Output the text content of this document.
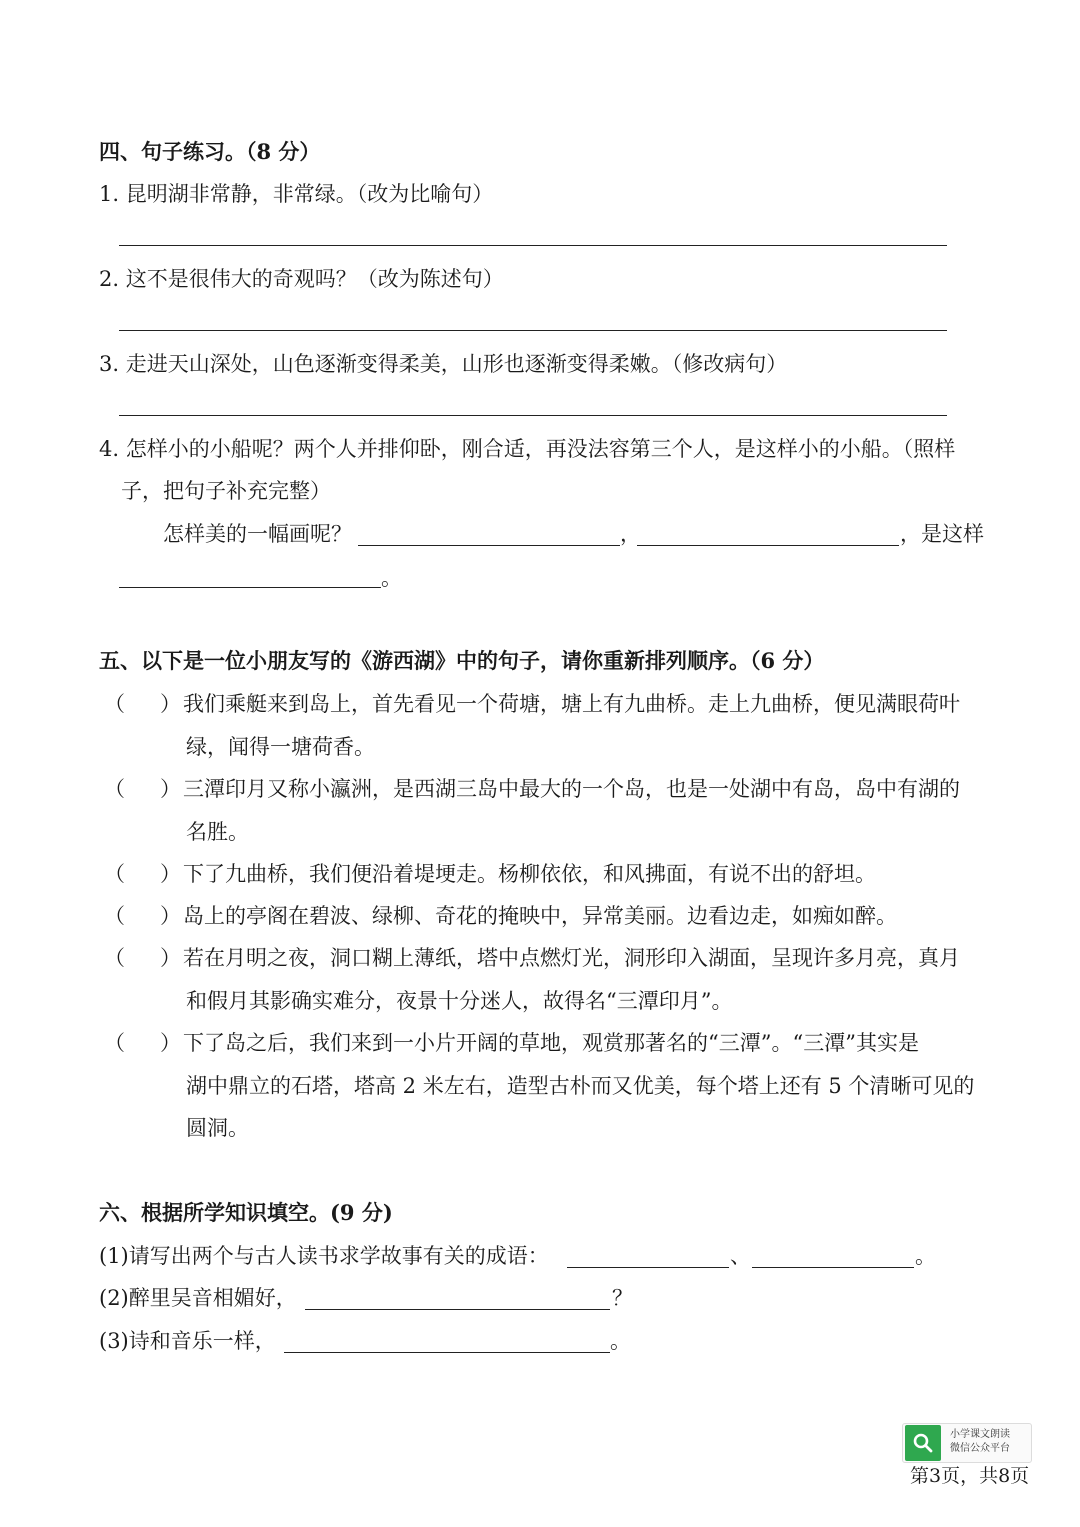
四、句子练习。（8 分）
1. 昆明湖非常静，非常绿。（改为比喻句）
2. 这不是很伟大的奇观吗？（改为陈述句）
3. 走进天山深处，山色逐渐变得柔美，山形也逐渐变得柔嫩。（修改病句）
4. 怎样小的小船呢？两个人并排仰卧，刚合适，再没法容第三个人，是这样小的小船。（照样
子，把句子补充完整）
怎样美的一幅画呢？	，	，是这样
。
五、以下是一位小朋友写的《游西湖》中的句子，请你重新排列顺序。（6 分）
（ ） 我们乘艇来到岛上，首先看见一个荷塘，塘上有九曲桥。走上九曲桥，便见满眼荷叶
绿，闻得一塘荷香。
（ ） 三潭印月又称小瀛洲，是西湖三岛中最大的一个岛，也是一处湖中有岛，岛中有湖的
名胜。
（ ） 下了九曲桥，我们便沿着堤埂走。杨柳依依，和风拂面，有说不出的舒坦。
（ ） 岛上的亭阁在碧波、绿柳、奇花的掩映中，异常美丽。边看边走，如痴如醉。
（ ） 若在月明之夜，洞口糊上薄纸，塔中点燃灯光，洞形印入湖面，呈现许多月亮，真月
和假月其影确实难分，夜景十分迷人，故得名“三潭印月”。
（ ） 下了岛之后，我们来到一小片开阔的草地，观赏那著名的“三潭”。“三潭”其实是
湖中鼎立的石塔，塔高 2 米左右，造型古朴而又优美，每个塔上还有 5 个清晰可见的
圆洞。
六、根据所学知识填空。(9 分)
(1)请写出两个与古人读书求学故事有关的成语：	、	。
(2)醉里吴音相媚好，	？
(3)诗和音乐一样，	。
小学课文朗读
微信公众平台
第3页，共8页
